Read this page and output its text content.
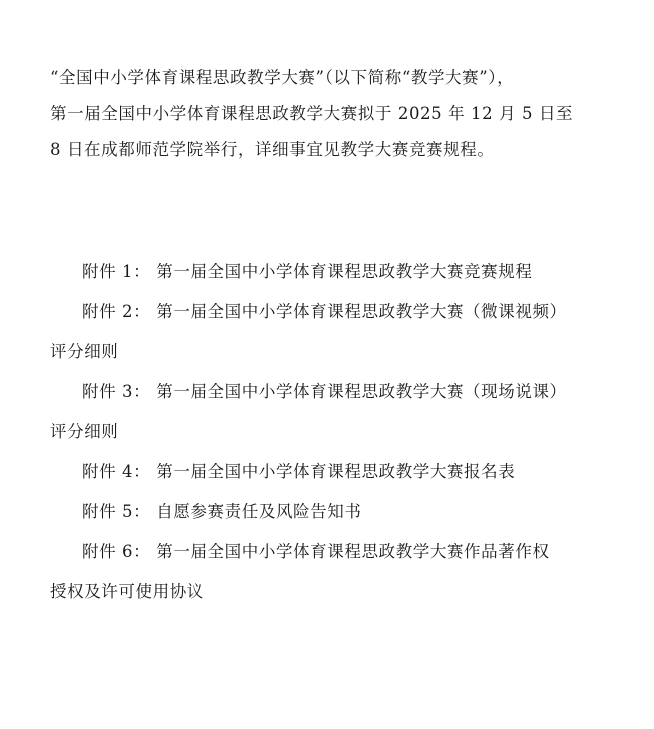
“全国中小学体育课程思政教学大赛”（以下简称“教学大赛”），
第一届全国中小学体育课程思政教学大赛拟于 2025 年 12 月 5 日至
8 日在成都师范学院举行，详细事宜见教学大赛竞赛规程。

附件 1： 第一届全国中小学体育课程思政教学大赛竞赛规程

附件 2： 第一届全国中小学体育课程思政教学大赛（微课视频）
评分细则

附件 3： 第一届全国中小学体育课程思政教学大赛（现场说课）
评分细则

附件 4： 第一届全国中小学体育课程思政教学大赛报名表

附件 5： 自愿参赛责任及风险告知书

附件 6： 第一届全国中小学体育课程思政教学大赛作品著作权
授权及许可使用协议
